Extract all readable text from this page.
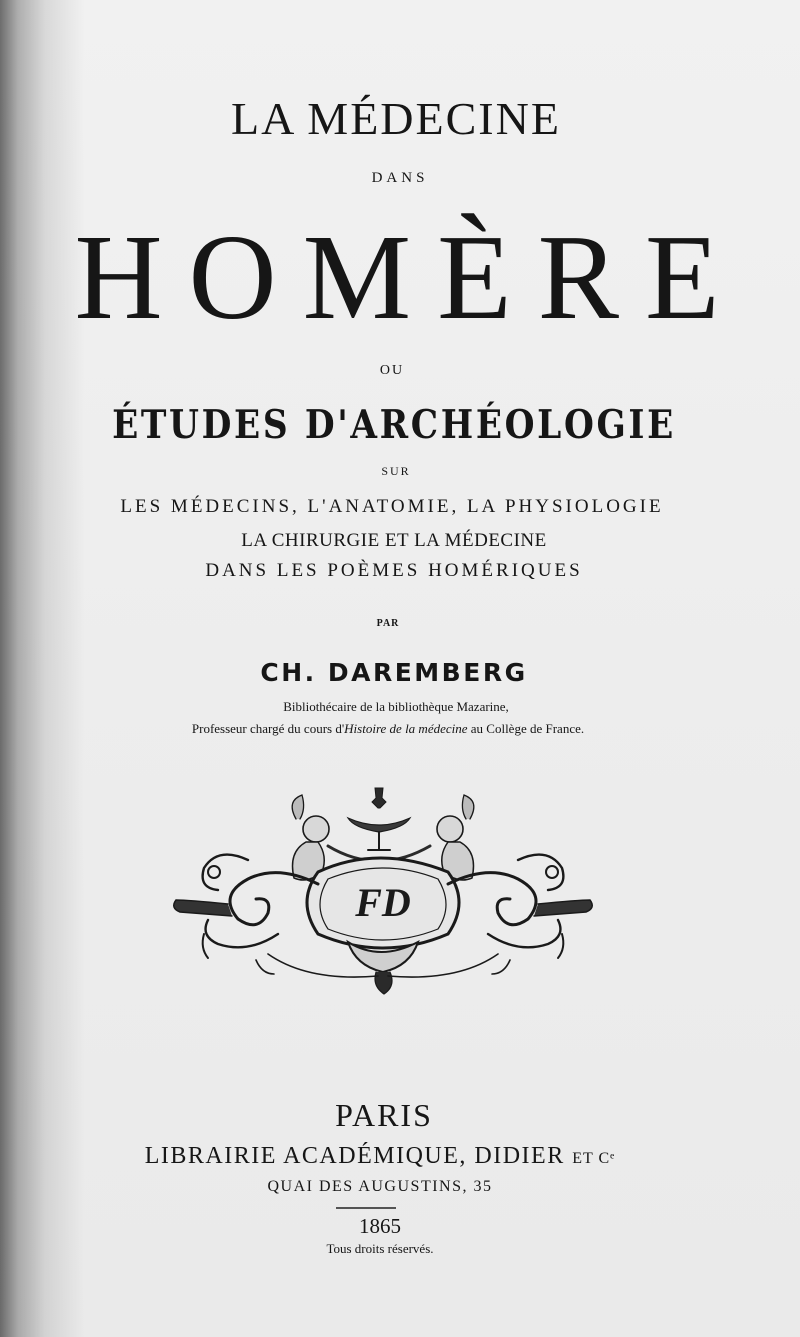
LA MÉDECINE
DANS
HOMÈRE
OU
ÉTUDES D'ARCHÉOLOGIE
SUR
LES MÉDECINS, L'ANATOMIE, LA PHYSIOLOGIE
LA CHIRURGIE ET LA MÉDECINE
DANS LES POÈMES HOMÉRIQUES
PAR
CH. DAREMBERG
Bibliothécaire de la bibliothèque Mazarine,
Professeur chargé du cours d'Histoire de la médecine au Collège de France.
FD
PARIS
LIBRAIRIE ACADÉMIQUE, DIDIER ET Cᵉ
QUAI DES AUGUSTINS, 35
1865
Tous droits réservés.
